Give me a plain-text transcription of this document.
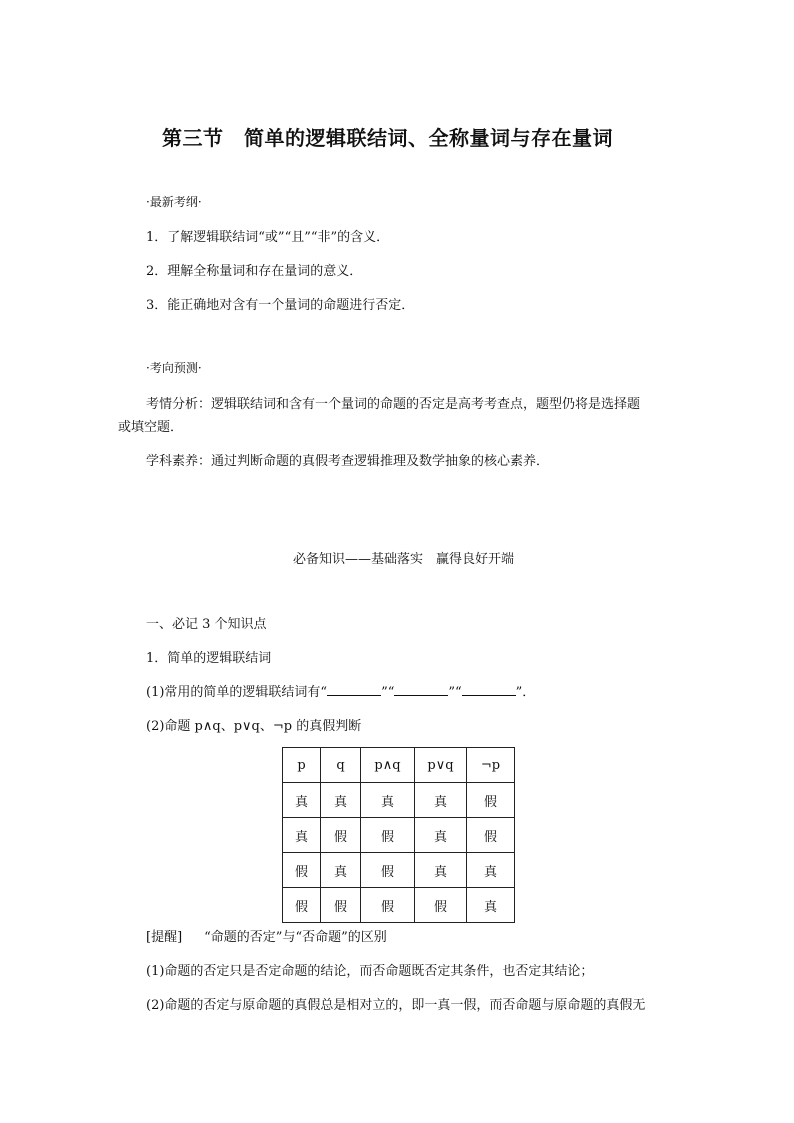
第三节　简单的逻辑联结词、全称量词与存在量词
·最新考纲·
1．了解逻辑联结词“或”“且”“非”的含义．
2．理解全称量词和存在量词的意义．
3．能正确地对含有一个量词的命题进行否定．
·考向预测·
考情分析：逻辑联结词和含有一个量词的命题的否定是高考考查点，题型仍将是选择题
或填空题．
学科素养：通过判断命题的真假考查逻辑推理及数学抽象的核心素养．
必备知识——基础落实　赢得良好开端
一、必记 3 个知识点
1．简单的逻辑联结词
(1)常用的简单的逻辑联结词有“	”“	”“	”．
(2)命题 p∧q、p∨q、¬p 的真假判断
p	q	p∧q	p∨q	¬p
真	真	真	真	假
真	假	假	真	假
假	真	假	真	真
假	假	假	假	真
[提醒] “命题的否定”与“否命题”的区别
(1)命题的否定只是否定命题的结论，而否命题既否定其条件，也否定其结论；
(2)命题的否定与原命题的真假总是相对立的，即一真一假，而否命题与原命题的真假无
